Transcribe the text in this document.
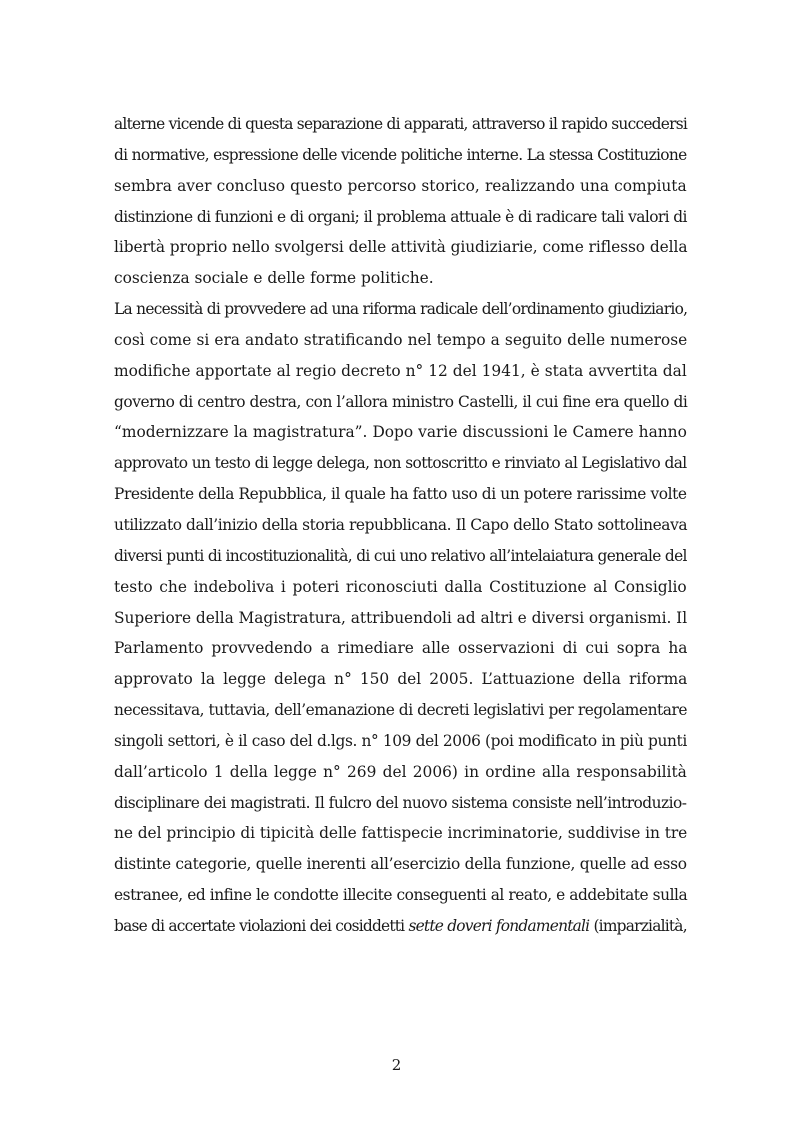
alterne vicende di questa separazione di apparati, attraverso il rapido succedersi
di normative, espressione delle vicende politiche interne. La stessa Costituzione
sembra aver concluso questo percorso storico, realizzando una compiuta
distinzione di funzioni e di organi; il problema attuale è di radicare tali valori di
libertà proprio nello svolgersi delle attività giudiziarie, come riflesso della
coscienza sociale e delle forme politiche.
La necessità di provvedere ad una riforma radicale dell’ordinamento giudiziario,
così come si era andato stratificando nel tempo a seguito delle numerose
modifiche apportate al regio decreto n° 12 del 1941, è stata avvertita dal
governo di centro destra, con l’allora ministro Castelli, il cui fine era quello di
“modernizzare la magistratura”. Dopo varie discussioni le Camere hanno
approvato un testo di legge delega, non sottoscritto e rinviato al Legislativo dal
Presidente della Repubblica, il quale ha fatto uso di un potere rarissime volte
utilizzato dall’inizio della storia repubblicana. Il Capo dello Stato sottolineava
diversi punti di incostituzionalità, di cui uno relativo all’intelaiatura generale del
testo che indeboliva i poteri riconosciuti dalla Costituzione al Consiglio
Superiore della Magistratura, attribuendoli ad altri e diversi organismi. Il
Parlamento provvedendo a rimediare alle osservazioni di cui sopra ha
approvato la legge delega n° 150 del 2005. L’attuazione della riforma
necessitava, tuttavia, dell’emanazione di decreti legislativi per regolamentare
singoli settori, è il caso del d.lgs. n° 109 del 2006 (poi modificato in più punti
dall’articolo 1 della legge n° 269 del 2006) in ordine alla responsabilità
disciplinare dei magistrati. Il fulcro del nuovo sistema consiste nell’introduzio-
ne del principio di tipicità delle fattispecie incriminatorie, suddivise in tre
distinte categorie, quelle inerenti all’esercizio della funzione, quelle ad esso
estranee, ed infine le condotte illecite conseguenti al reato, e addebitate sulla
base di accertate violazioni dei cosiddetti sette doveri fondamentali (imparzialità,
2
